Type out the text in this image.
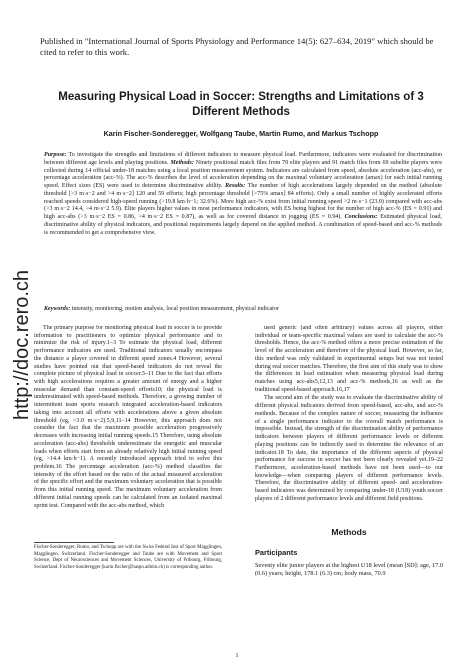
http://doc.rero.ch
Published in "International Journal of Sports Physiology and Performance 14(5): 627–634, 2019" which should be cited to refer to this work.
Measuring Physical Load in Soccer: Strengths and Limitations of 3 Different Methods
Karin Fischer-Sonderegger, Wolfgang Taube, Martin Rumo, and Markus Tschopp

Purpose: To investigate the strengths and limitations of different indicators to measure physical load. Furthermore, indicators were evaluated for discrimination between different age levels and playing positions. Methods: Ninety positional match files from 70 elite players and 91 match files from 69 subelite players were collected during 14 official under-18 matches using a local position measurement system. Indicators are calculated from speed, absolute acceleration (acc-abs), or percentage acceleration (acc-%). The acc-% describes the level of acceleration depending on the maximal voluntary acceleration (amax) for each initial running speed. Effect sizes (ES) were used to determine discriminative ability. Results: The number of high accelerations largely depended on the method (absolute threshold [>3 m·s−2 and >4 m·s−2] 120 and 59 efforts; high percentage threshold [>75% amax] 84 efforts). Only a small number of highly accelerated efforts reached speeds considered high-speed running (>19.8 km·h−1; 32.6%). More high acc-% exist from initial running speed >2 m·s−1 (23.0) compared with acc-abs (>3 m·s−2 14.4, >4 m·s−2 5.9). Elite players higher values in most performance indicators, with ES being highest for the number of high acc-% (ES = 0.91) and high acc-abs (>3 m·s−2 ES = 0.86, >4 m·s−2 ES = 0.87), as well as for covered distance in jogging (ES = 0.94). Conclusions: Estimated physical load, discriminative ability of physical indicators, and positional requirements largely depend on the applied method. A combination of speed-based and acc-% methods is recommended to get a comprehensive view.

Keywords: intensity, monitoring, motion analysis, local position measurement, physical indicator

The primary purpose for monitoring physical load in soccer is to provide information to practitioners to optimize physical performance and to minimize the risk of injury.1–3 To estimate the physical load, different performance indicators are used. Traditional indicators usually encompass the distance a player covered in different speed zones.4 However, several studies have pointed out that speed-based indicators do not reveal the complete picture of physical load in soccer.5–11 Due to the fact that efforts with high accelerations requires a greater amount of energy and a higher muscular demand than constant-speed efforts10; the physical load is underestimated with speed-based methods. Therefore, a growing number of intermittent team sports research integrated acceleration-based indicators taking into account all efforts with accelerations above a given absolute threshold (eg, >3.0 m·s−2).5,9,11–14 However, this approach does not consider the fact that the maximum possible acceleration progressively decreases with increasing initial running speeds.15 Therefore, using absolute acceleration (acc-abs) thresholds underestimate the energetic and muscular loads when efforts start from an already relatively high initial running speed (eg, >14.4 km·h−1). A recently introduced approach tried to solve this problem.16 The percentage acceleration (acc-%) method classifies the intensity of the effort based on the ratio of the actual measured acceleration of the specific effort and the maximum voluntary acceleration that is possible from this initial running speed. The maximum voluntary acceleration from different initial running speeds can be calculated from an isolated maximal sprint test. Compared with the acc-abs method, which

used generic (and often arbitrary) values across all players, either individual or team-specific maximal values are used to calculate the acc-% thresholds. Hence, the acc-% method offers a more precise estimation of the level of the acceleration and therefore of the physical load. However, so far, this method was only validated in experimental setups but was not tested during real soccer matches. Therefore, the first aim of this study was to show the differences in load estimation when measuring physical load during matches using acc-abs5,12,13 and acc-% methods,16 as well as the traditional speed-based approach.16,17

The second aim of the study was to evaluate the discriminative ability of different physical indicators derived from speed-based, acc-abs, and acc-% methods. Because of the complex nature of soccer, measuring the influence of a single performance indicator to the overall match performance is impossible. Instead, the strength of the discrimination ability of performance indicators between players of different performance levels or different playing positions can be indirectly used to determine the relevance of an indicator.18 To date, the importance of the different aspects of physical performance for success in soccer has not been clearly revealed yet.19–22 Furthermore, acceleration-based methods have not been used—to our knowledge—when comparing players of different performance levels. Therefore, the discriminative ability of different speed- and acceleration-based indicators was determined by comparing under-18 (U18) youth soccer players of 2 different performance levels and different field positions.

Fischer-Sonderegger, Rumo, and Tschopp are with the Swiss Federal Inst of Sport Magglingen, Magglingen, Switzerland. Fischer-Sonderegger and Taube are with Movement and Sport Science, Dept of Neurosciences and Movement Sciences, University of Fribourg, Fribourg, Switzerland. Fischer-Sonderegger (karin.fischer@baspo.admin.ch) is corresponding author.
Methods
Participants
Seventy elite junior players at the highest U18 level (mean [SD]: age, 17.0 (0.6) years; height, 178.1 (6.3) cm; body mass, 70.9
1
